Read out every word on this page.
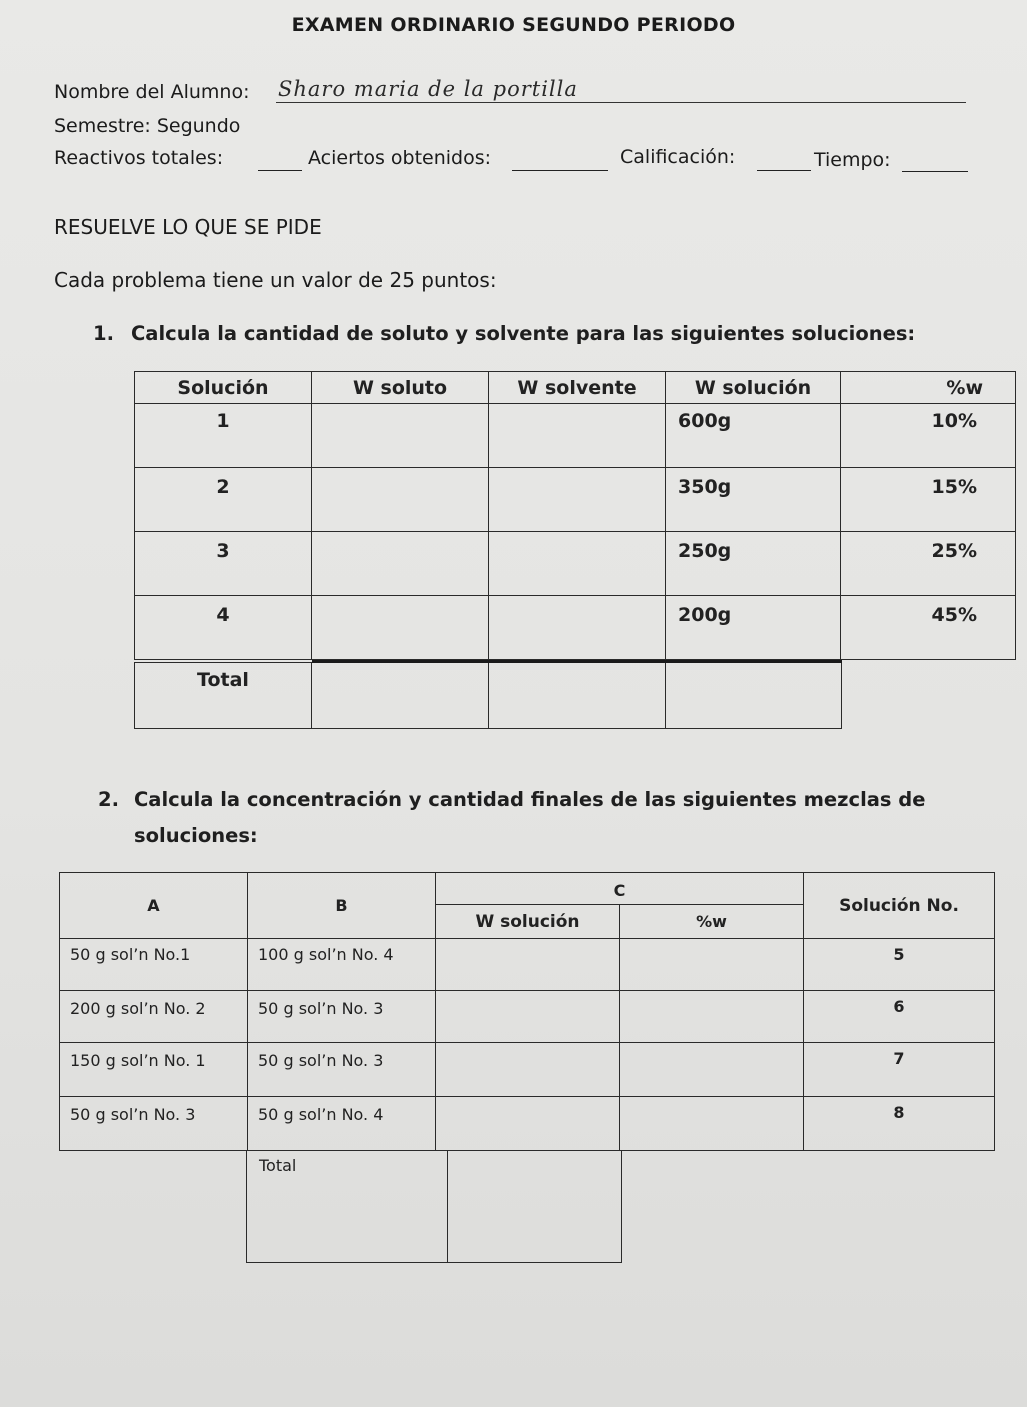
EXAMEN ORDINARIO SEGUNDO PERIODO
Nombre del Alumno: Sharo maria de la portilla
Semestre: Segundo
Reactivos totales:	Aciertos obtenidos:	Calificación:	Tiempo:
RESUELVE LO QUE SE PIDE
Cada problema tiene un valor de 25 puntos:
1. Calcula la cantidad de soluto y solvente para las siguientes soluciones:
Solución	W soluto	W solvente	W solución	%w
1			600g	10%
2			350g	15%
3			250g	25%
4			200g	45%
Total			
2. Calcula la concentración y cantidad finales de las siguientes mezclas de
soluciones:
A	B	C		Solución No.
		W solución	%w	
50 g sol’n No.1	100 g sol’n No. 4			5
200 g sol’n No. 2	50 g sol’n No. 3			6
150 g sol’n No. 1	50 g sol’n No. 3			7
50 g sol’n No. 3	50 g sol’n No. 4			8
Total	
